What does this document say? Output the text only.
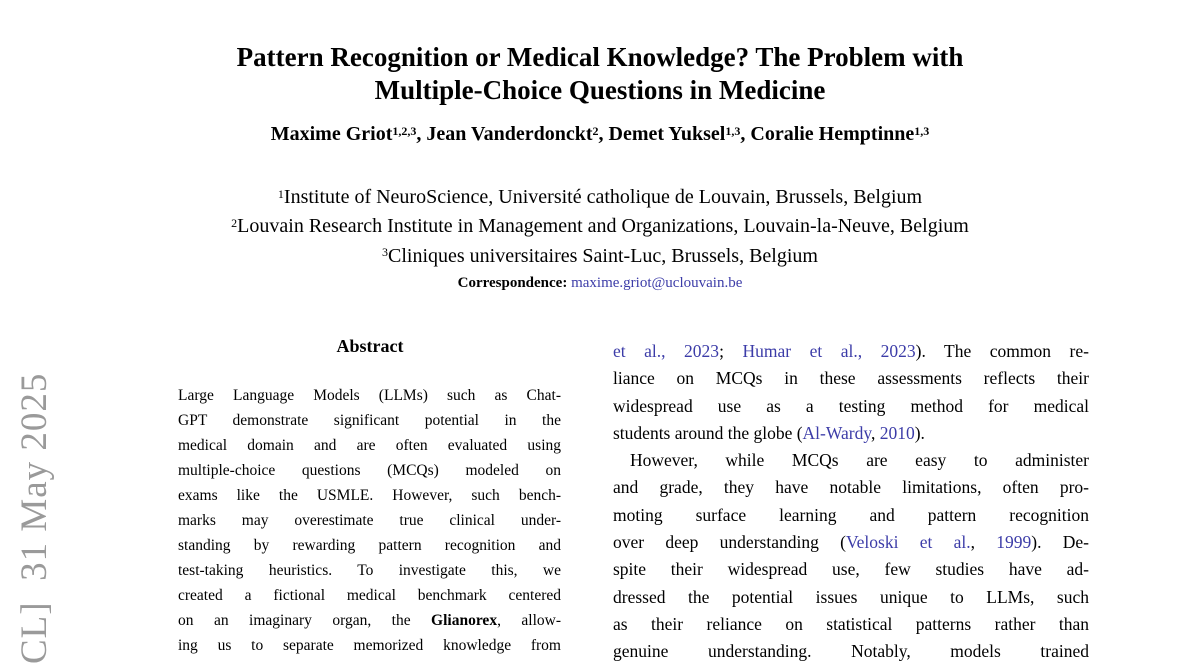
CL]  31 May 2025
Pattern Recognition or Medical Knowledge? The Problem with
Multiple-Choice Questions in Medicine
Maxime Griot$^{1,2,3}$, Jean Vanderdonckt$^2$, Demet Yuksel$^{1,3}$, Coralie Hemptinne$^{1,3}$
$^1$Institute of NeuroScience, Université catholique de Louvain, Brussels, Belgium
$^2$Louvain Research Institute in Management and Organizations, Louvain-la-Neuve, Belgium
$^3$Cliniques universitaires Saint-Luc, Brussels, Belgium
Correspondence: maxime.griot@uclouvain.be
Abstract
Large Language Models (LLMs) such as Chat-
GPT demonstrate significant potential in the
medical domain and are often evaluated using
multiple-choice questions (MCQs) modeled on
exams like the USMLE. However, such bench-
marks may overestimate true clinical under-
standing by rewarding pattern recognition and
test-taking heuristics. To investigate this, we
created a fictional medical benchmark centered
on an imaginary organ, the Glianorex, allow-
ing us to separate memorized knowledge from
et al., 2023; Humar et al., 2023). The common re-
liance on MCQs in these assessments reflects their
widespread use as a testing method for medical
students around the globe (Al-Wardy, 2010).
However, while MCQs are easy to administer
and grade, they have notable limitations, often pro-
moting surface learning and pattern recognition
over deep understanding (Veloski et al., 1999). De-
spite their widespread use, few studies have ad-
dressed the potential issues unique to LLMs, such
as their reliance on statistical patterns rather than
genuine understanding. Notably, models trained
